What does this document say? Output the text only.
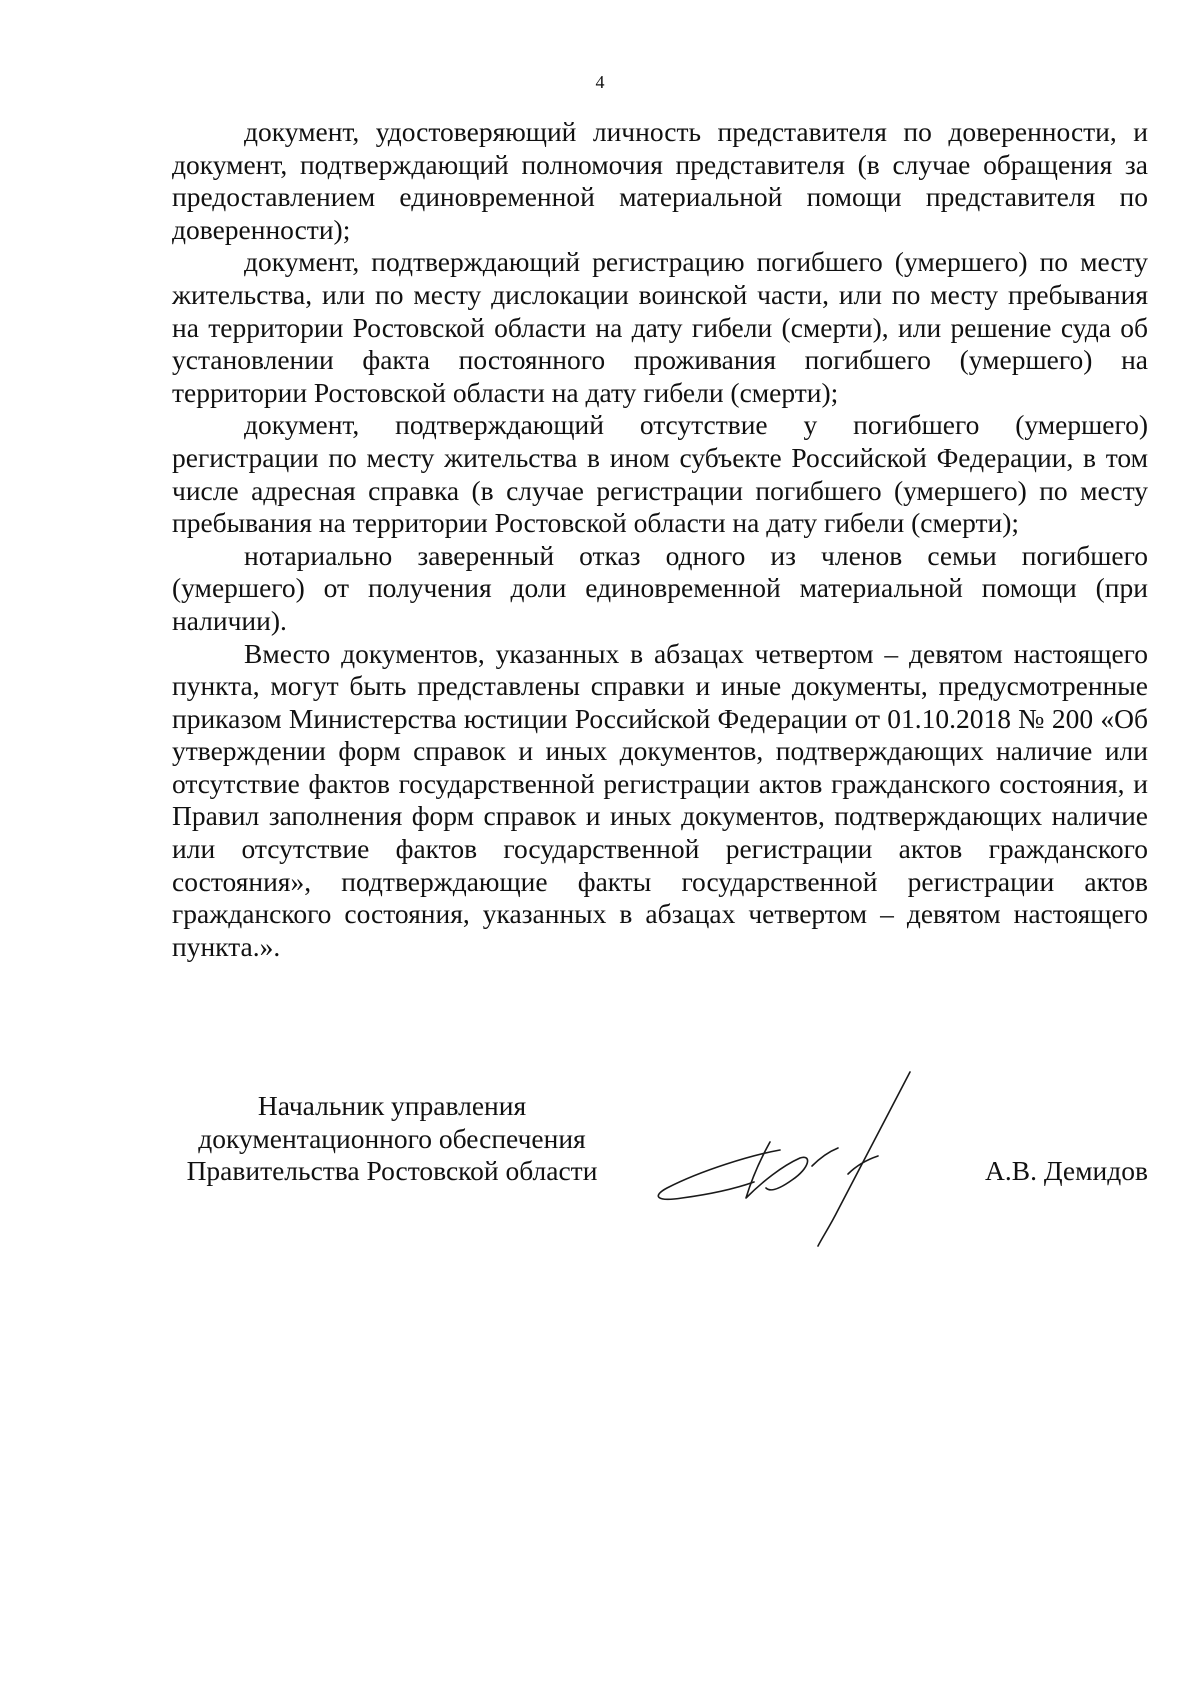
4

документ, удостоверяющий личность представителя по доверенности, и документ, подтверждающий полномочия представителя (в случае обращения за предоставлением единовременной материальной помощи представителя по доверенности);

документ, подтверждающий регистрацию погибшего (умершего) по месту жительства, или по месту дислокации воинской части, или по месту пребывания на территории Ростовской области на дату гибели (смерти), или решение суда об установлении факта постоянного проживания погибшего (умершего) на территории Ростовской области на дату гибели (смерти);

документ, подтверждающий отсутствие у погибшего (умершего) регистрации по месту жительства в ином субъекте Российской Федерации, в том числе адресная справка (в случае регистрации погибшего (умершего) по месту пребывания на территории Ростовской области на дату гибели (смерти);

нотариально заверенный отказ одного из членов семьи погибшего (умершего) от получения доли единовременной материальной помощи (при наличии).

Вместо документов, указанных в абзацах четвертом – девятом настоящего пункта, могут быть представлены справки и иные документы, предусмотренные приказом Министерства юстиции Российской Федерации от 01.10.2018 № 200 «Об утверждении форм справок и иных документов, подтверждающих наличие или отсутствие фактов государственной регистрации актов гражданского состояния, и Правил заполнения форм справок и иных документов, подтверждающих наличие или отсутствие фактов государственной регистрации актов гражданского состояния», подтверждающие факты государственной регистрации актов гражданского состояния, указанных в абзацах четвертом – девятом настоящего пункта.».

Начальник управления
документационного обеспечения
Правительства Ростовской области	А.В. Демидов
